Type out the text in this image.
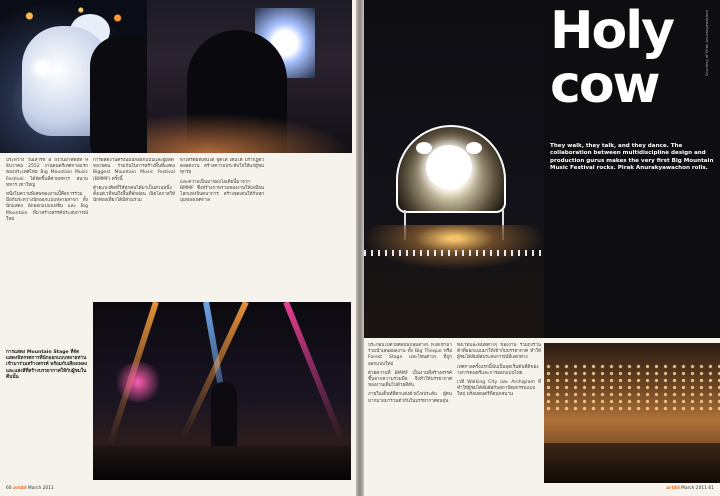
ปีระหว่าง วันเสาร์ที่ 8 ถึงวันอาทิตย์ที่ 9 ธันวาคม 2552 งานดนตรีเทศกาลแรกของประเทศไทย Big Mountain Music Festival ได้จัดขึ้นที่ค่ายทหาร สนามทหาร เขาใหญ่

หนึ่งในความพิเศษของงานนี้คือการร่วมมือกันระหว่างนักออกแบบหลายสาขา ทั้งนักแสดง นักออกแบบแฟชั่น และ Big Mountain ที่มาสร้างสรรค์ประสบการณ์ใหม่

การผลิตงานครั้งนี้มีนักออกแบบและผู้ผลิตหลายคน ร่วมกันในการสร้างพื้นที่แสดง Biggest Mountain Music Festival (BMMF) ครั้งนี้

ด้วยแนวคิดที่ให้ทุกคนได้มาเป็นส่วนหนึ่ง ตั้งแต่เวทีจนถึงพื้นที่พักผ่อน เปิดโอกาสให้นักท่องเที่ยวได้มีส่วนร่วม

พาเหรดผีที่เดินได้ พูดได้ เต้นได้ ปรากฏตัวตลอดงาน สร้างความประทับใจให้แก่ผู้ชมทุกวัย

และความเป็นมาของไอเดียนี้มาจาก BMMF ซึ่งสร้างภาพรวมของงานให้เหมือนโลกแห่งจินตนาการ สร้างจุดเด่นให้กับทุกมุมของเทศกาล

การแสดง Mountain Stage ที่จัดแสดงนิทรรศการที่นักออกแบบหลายท่านเข้ามาร่วมสร้างสรรค์ พร้อมกับเสียงเพลงและแสงสีที่สร้างบรรยากาศให้กับผู้ชมในคืนนั้น
60 art4d March 2011
Holy
cow
Courtesy of Pirak Anurakyawachon
They walk, they talk, and they dance. The collaboration between multidiscipline design and production gurus makes the very first Big Mountain Music Festival rocks. Pirak Anurakyawachon rolls.

ประกอบไปด้วยศิลปินกลุ่มต่างๆ ที่ได้เข้ามาร่วมนำเสนอผลงาน ทั้ง Big Theque หรือ Forest Stage และโซนต่างๆ ที่ถูกออกแบบใหม่

ด้วยความที่ BMMF เป็นงานที่สร้างสรรค์ขึ้นจากความร่วมมือ จึงทำให้บรรยากาศของงานเต็มไปด้วยสีสัน

ภายในเต็นท์ที่ตกแต่งด้วยไฟประดับ ผู้คนมากมายมารวมตัวกันในบรรยากาศอบอุ่น

ทั้งเวทีและพื้นที่ต่างๆ ของงาน รวมถึงร้านค้าที่ออกแบบมาให้เข้ากับบรรยากาศ ทำให้ผู้ชมได้สัมผัสประสบการณ์ที่แตกต่าง

เทศกาลครั้งแรกนี้นับเป็นจุดเริ่มต้นที่ดีของวงการดนตรีและการออกแบบไทย

เวที Walking City และ Archigram ที่ทำให้ผู้ชมได้สัมผัสกับสถาปัตยกรรมแบบใหม่ พร้อมดนตรีที่สนุกสนาน

art4d March 2011 61
